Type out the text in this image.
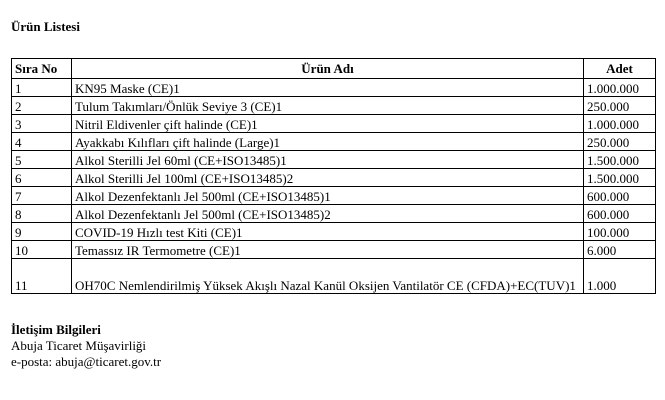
Ürün Listesi
Sıra No	Ürün Adı	Adet
1	KN95 Maske (CE)1	1.000.000
2	Tulum Takımları/Önlük Seviye 3 (CE)1	250.000
3	Nitril Eldivenler çift halinde (CE)1	1.000.000
4	Ayakkabı Kılıfları çift halinde (Large)1	250.000
5	Alkol Sterilli Jel 60ml (CE+ISO13485)1	1.500.000
6	Alkol Sterilli Jel 100ml (CE+ISO13485)2	1.500.000
7	Alkol Dezenfektanlı Jel 500ml (CE+ISO13485)1	600.000
8	Alkol Dezenfektanlı Jel 500ml (CE+ISO13485)2	600.000
9	COVID-19 Hızlı test Kiti (CE)1	100.000
10	Temassız IR Termometre (CE)1	6.000
11	OH70C Nemlendirilmiş Yüksek Akışlı Nazal Kanül Oksijen Vantilatör CE (CFDA)+EC(TUV)1	1.000
İletişim Bilgileri
Abuja Ticaret Müşavirliği
e-posta: abuja@ticaret.gov.tr
